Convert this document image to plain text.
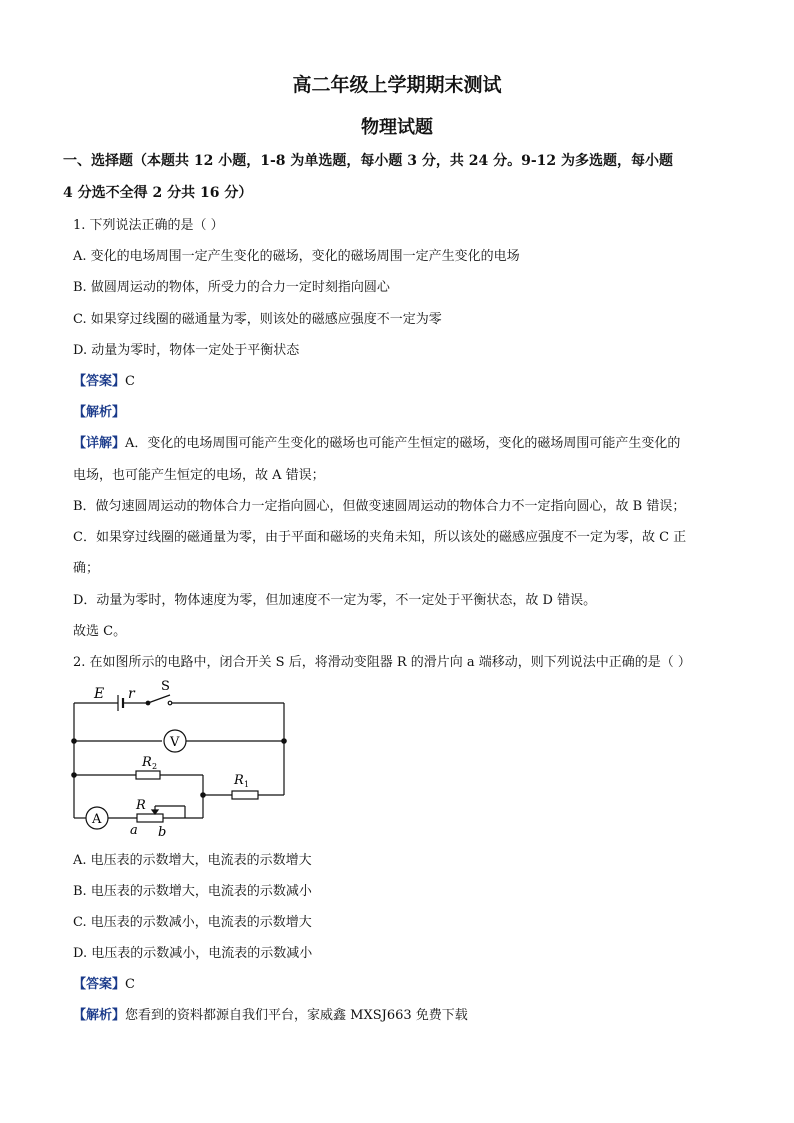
高二年级上学期期末测试
物理试题
一、选择题（本题共 12 小题，1-8 为单选题，每小题 3 分，共 24 分。9-12 为多选题，每小题
4 分选不全得 2 分共 16 分）
1. 下列说法正确的是（ ）
A. 变化的电场周围一定产生变化的磁场，变化的磁场周围一定产生变化的电场
B. 做圆周运动的物体，所受力的合力一定时刻指向圆心
C. 如果穿过线圈的磁通量为零，则该处的磁感应强度不一定为零
D. 动量为零时，物体一定处于平衡状态
【答案】C
【解析】
【详解】A．变化的电场周围可能产生变化的磁场也可能产生恒定的磁场，变化的磁场周围可能产生变化的
电场，也可能产生恒定的电场，故 A 错误；
B．做匀速圆周运动的物体合力一定指向圆心，但做变速圆周运动的物体合力不一定指向圆心，故 B 错误；
C．如果穿过线圈的磁通量为零，由于平面和磁场的夹角未知，所以该处的磁感应强度不一定为零，故 C 正
确；
D．动量为零时，物体速度为零，但加速度不一定为零，不一定处于平衡状态，故 D 错误。
故选 C。
2. 在如图所示的电路中，闭合开关 S 后，将滑动变阻器 R 的滑片向 a 端移动，则下列说法中正确的是（ ）
E r S
V
R 2
R 1
R
A
a b
A. 电压表的示数增大，电流表的示数增大
B. 电压表的示数增大，电流表的示数减小
C. 电压表的示数减小，电流表的示数增大
D. 电压表的示数减小，电流表的示数减小
【答案】C
【解析】您看到的资料都源自我们平台，家威鑫 MXSJ663 免费下载
